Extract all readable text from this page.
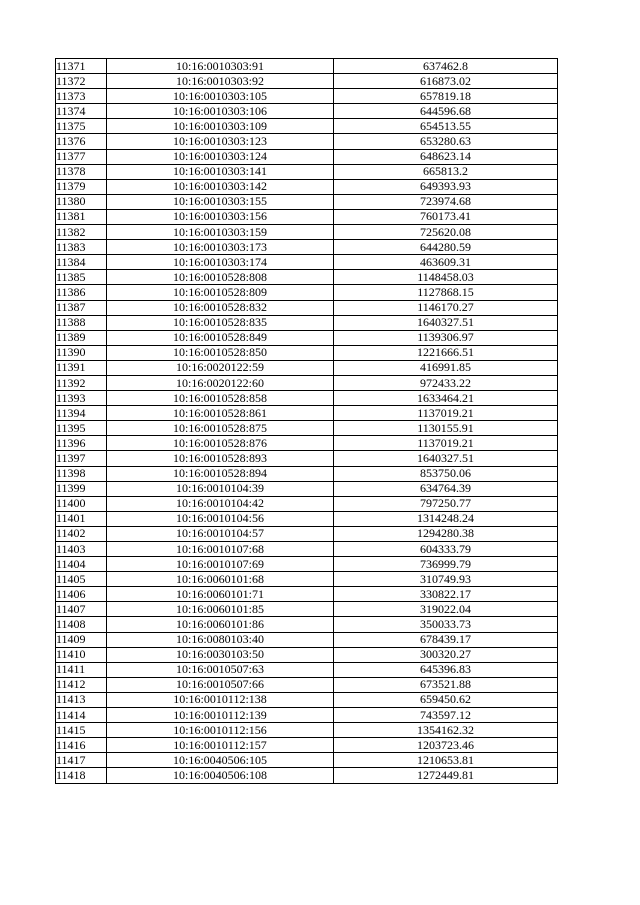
11371	10:16:0010303:91	637462.8
11372	10:16:0010303:92	616873.02
11373	10:16:0010303:105	657819.18
11374	10:16:0010303:106	644596.68
11375	10:16:0010303:109	654513.55
11376	10:16:0010303:123	653280.63
11377	10:16:0010303:124	648623.14
11378	10:16:0010303:141	665813.2
11379	10:16:0010303:142	649393.93
11380	10:16:0010303:155	723974.68
11381	10:16:0010303:156	760173.41
11382	10:16:0010303:159	725620.08
11383	10:16:0010303:173	644280.59
11384	10:16:0010303:174	463609.31
11385	10:16:0010528:808	1148458.03
11386	10:16:0010528:809	1127868.15
11387	10:16:0010528:832	1146170.27
11388	10:16:0010528:835	1640327.51
11389	10:16:0010528:849	1139306.97
11390	10:16:0010528:850	1221666.51
11391	10:16:0020122:59	416991.85
11392	10:16:0020122:60	972433.22
11393	10:16:0010528:858	1633464.21
11394	10:16:0010528:861	1137019.21
11395	10:16:0010528:875	1130155.91
11396	10:16:0010528:876	1137019.21
11397	10:16:0010528:893	1640327.51
11398	10:16:0010528:894	853750.06
11399	10:16:0010104:39	634764.39
11400	10:16:0010104:42	797250.77
11401	10:16:0010104:56	1314248.24
11402	10:16:0010104:57	1294280.38
11403	10:16:0010107:68	604333.79
11404	10:16:0010107:69	736999.79
11405	10:16:0060101:68	310749.93
11406	10:16:0060101:71	330822.17
11407	10:16:0060101:85	319022.04
11408	10:16:0060101:86	350033.73
11409	10:16:0080103:40	678439.17
11410	10:16:0030103:50	300320.27
11411	10:16:0010507:63	645396.83
11412	10:16:0010507:66	673521.88
11413	10:16:0010112:138	659450.62
11414	10:16:0010112:139	743597.12
11415	10:16:0010112:156	1354162.32
11416	10:16:0010112:157	1203723.46
11417	10:16:0040506:105	1210653.81
11418	10:16:0040506:108	1272449.81
